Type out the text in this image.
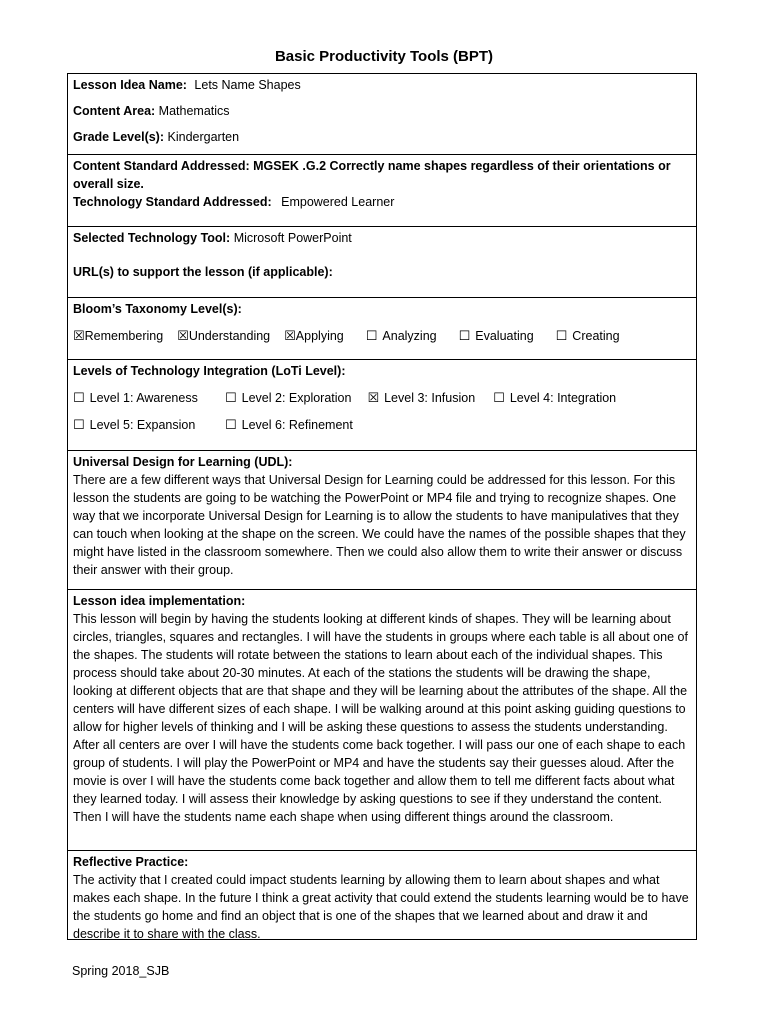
Basic Productivity Tools (BPT)
Lesson Idea Name: Lets Name Shapes
Content Area: Mathematics
Grade Level(s): Kindergarten
Content Standard Addressed: MGSEK .G.2 Correctly name shapes regardless of their orientations or overall size.
Technology Standard Addressed: Empowered Learner
Selected Technology Tool: Microsoft PowerPoint
URL(s) to support the lesson (if applicable):
Bloom’s Taxonomy Level(s):
☒ Remembering ☒ Understanding ☒ Applying ☐ Analyzing ☐ Evaluating ☐ Creating
Levels of Technology Integration (LoTi Level):
☐ Level 1: Awareness ☐ Level 2: Exploration ☒ Level 3: Infusion ☐ Level 4: Integration
☐ Level 5: Expansion ☐ Level 6: Refinement
Universal Design for Learning (UDL):
There are a few different ways that Universal Design for Learning could be addressed for this lesson. For this lesson the students are going to be watching the PowerPoint or MP4 file and trying to recognize shapes. One way that we incorporate Universal Design for Learning is to allow the students to have manipulatives that they can touch when looking at the shape on the screen. We could have the names of the possible shapes that they might have listed in the classroom somewhere. Then we could also allow them to write their answer or discuss their answer with their group.
Lesson idea implementation:
This lesson will begin by having the students looking at different kinds of shapes. They will be learning about circles, triangles, squares and rectangles. I will have the students in groups where each table is all about one of the shapes. The students will rotate between the stations to learn about each of the individual shapes. This process should take about 20-30 minutes. At each of the stations the students will be drawing the shape, looking at different objects that are that shape and they will be learning about the attributes of the shape. All the centers will have different sizes of each shape. I will be walking around at this point asking guiding questions to allow for higher levels of thinking and I will be asking these questions to assess the students understanding.
After all centers are over I will have the students come back together. I will pass our one of each shape to each group of students. I will play the PowerPoint or MP4 and have the students say their guesses aloud. After the movie is over I will have the students come back together and allow them to tell me different facts about what they learned today. I will assess their knowledge by asking questions to see if they understand the content. Then I will have the students name each shape when using different things around the classroom.
Reflective Practice:
The activity that I created could impact students learning by allowing them to learn about shapes and what makes each shape. In the future I think a great activity that could extend the students learning would be to have the students go home and find an object that is one of the shapes that we learned about and draw it and describe it to share with the class.
Spring 2018_SJB
